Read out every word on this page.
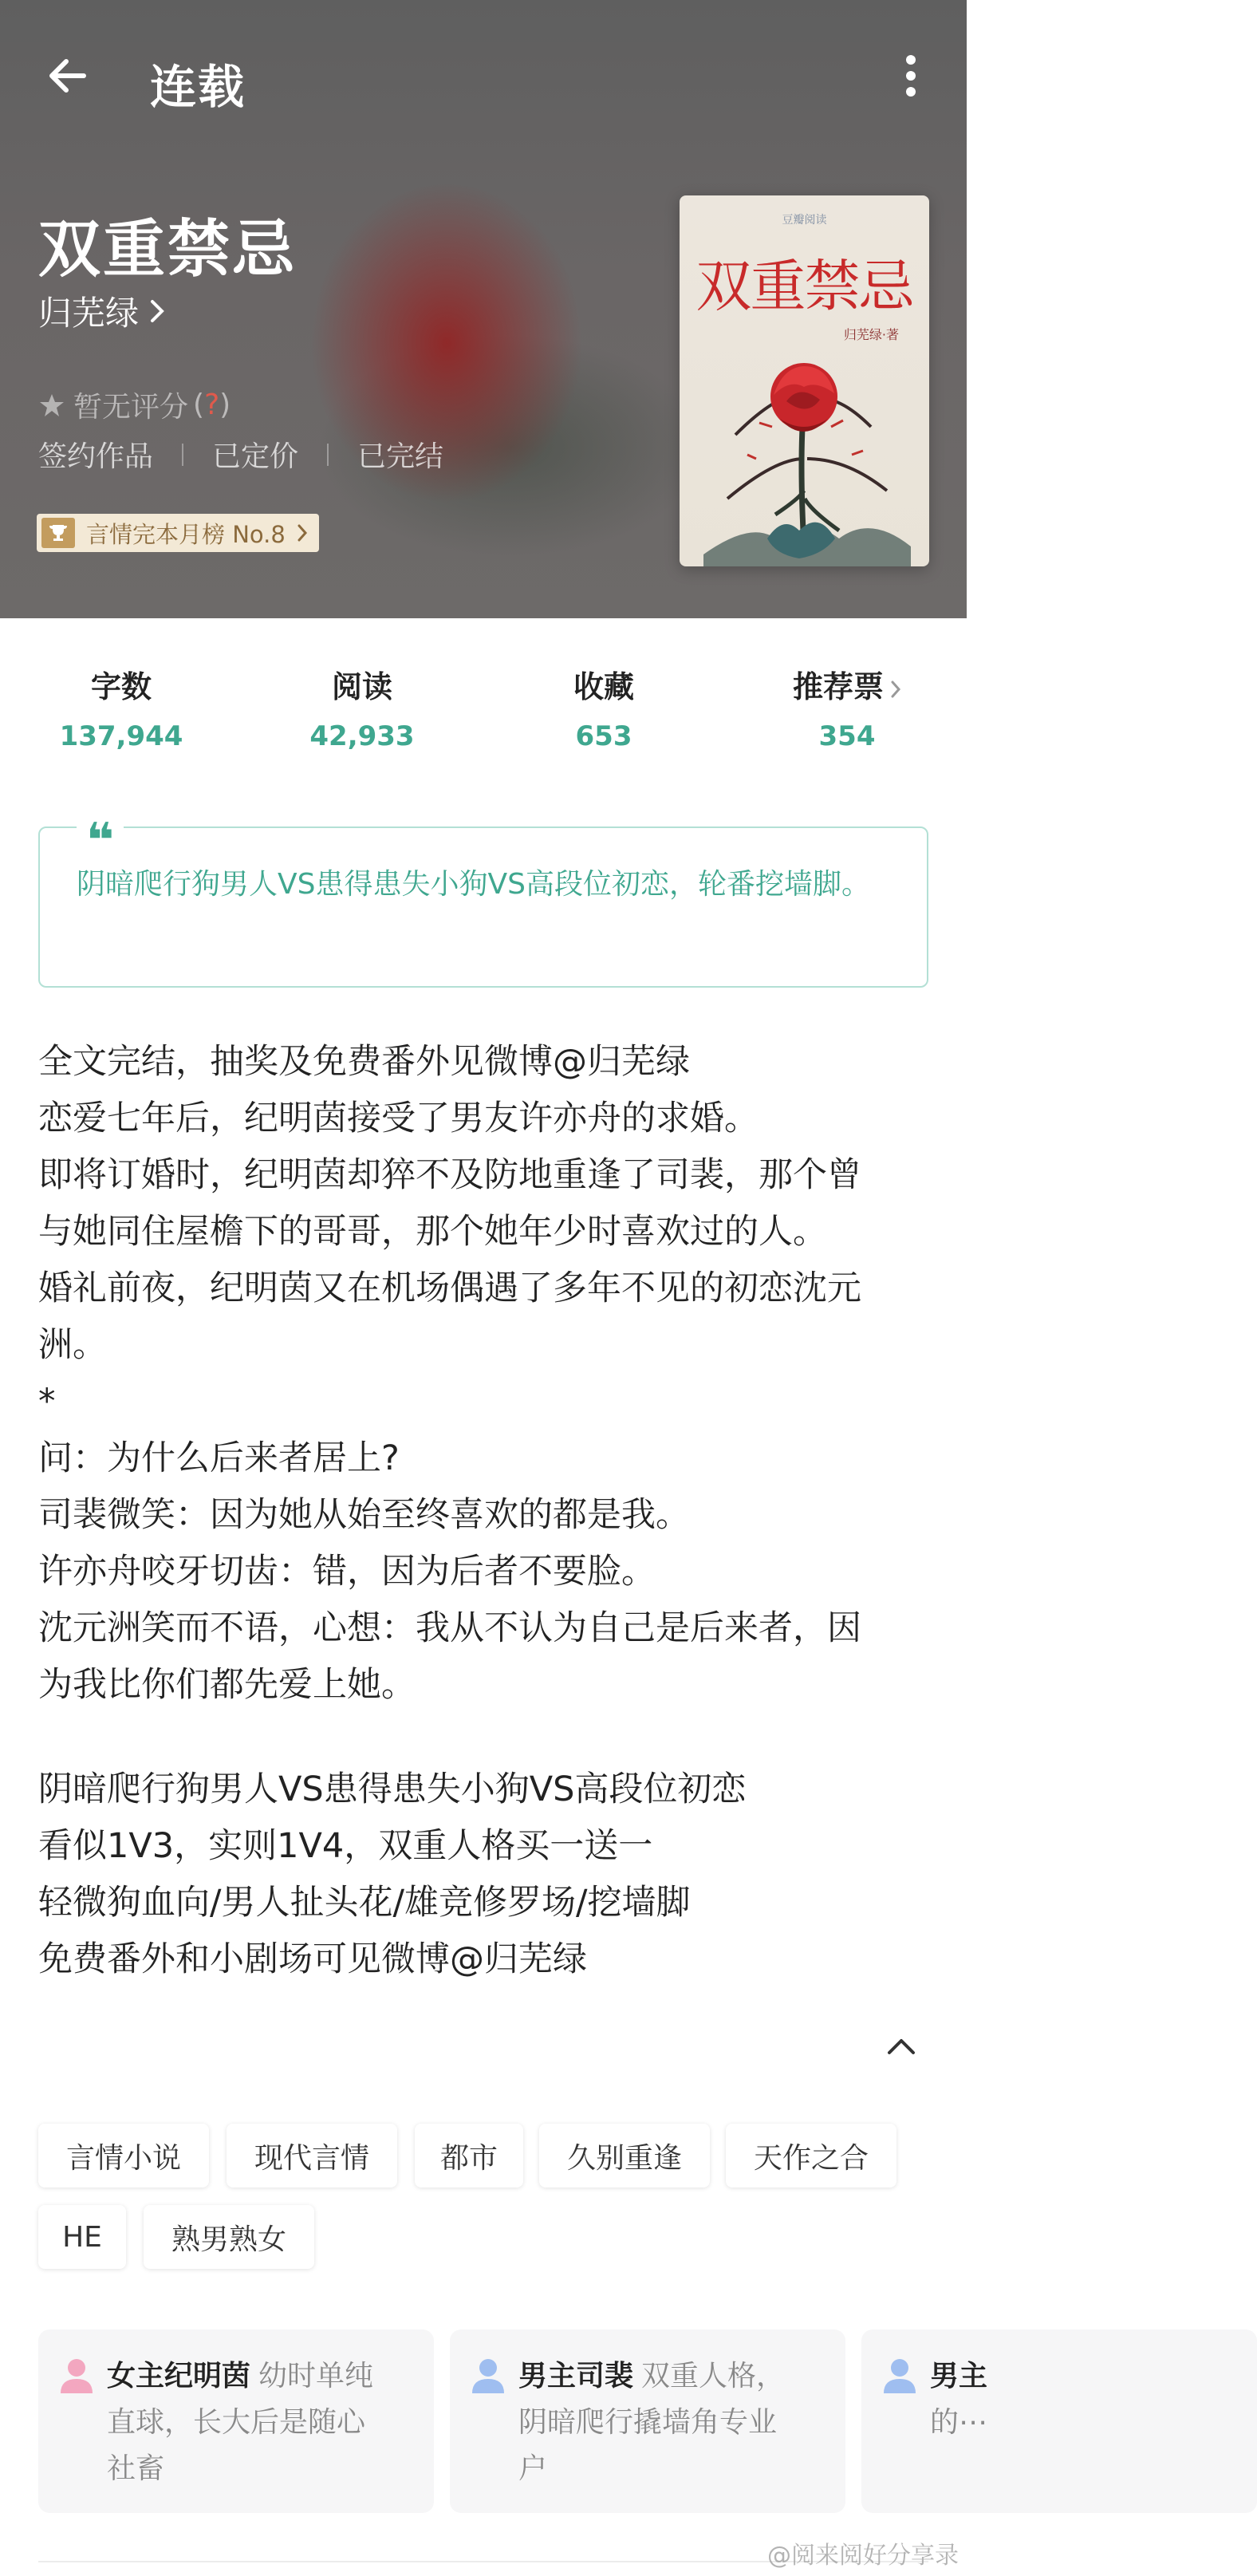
连载
双重禁忌
归芜绿
暂无评分 (?)
签约作品 已定价 已完结
言情完本月榜 No.8
豆瓣阅读
双重禁忌
归芜绿·著
字数
137,944
阅读
42,933
收藏
653
推荐票
354
❝
阴暗爬行狗男人VS患得患失小狗VS高段位初恋，轮番挖墙脚。
全文完结，抽奖及免费番外见微博@归芜绿
恋爱七年后，纪明茵接受了男友许亦舟的求婚。
即将订婚时，纪明茵却猝不及防地重逢了司裴，那个曾
与她同住屋檐下的哥哥，那个她年少时喜欢过的人。
婚礼前夜，纪明茵又在机场偶遇了多年不见的初恋沈元
洲。
*
问：为什么后来者居上?
司裴微笑：因为她从始至终喜欢的都是我。
许亦舟咬牙切齿：错，因为后者不要脸。
沈元洲笑而不语，心想：我从不认为自己是后来者，因
为我比你们都先爱上她。
阴暗爬行狗男人VS患得患失小狗VS高段位初恋
看似1V3，实则1V4，双重人格买一送一
轻微狗血向/男人扯头花/雄竞修罗场/挖墙脚
免费番外和小剧场可见微博@归芜绿
言情小说	现代言情	都市	久别重逢	天作之合
HE	熟男熟女
女主纪明茵 幼时单纯
直球，长大后是随心
社畜
男主司裴 双重人格，
阴暗爬行撬墙角专业
户
男主
的⋯
@阅来阅好分享录
